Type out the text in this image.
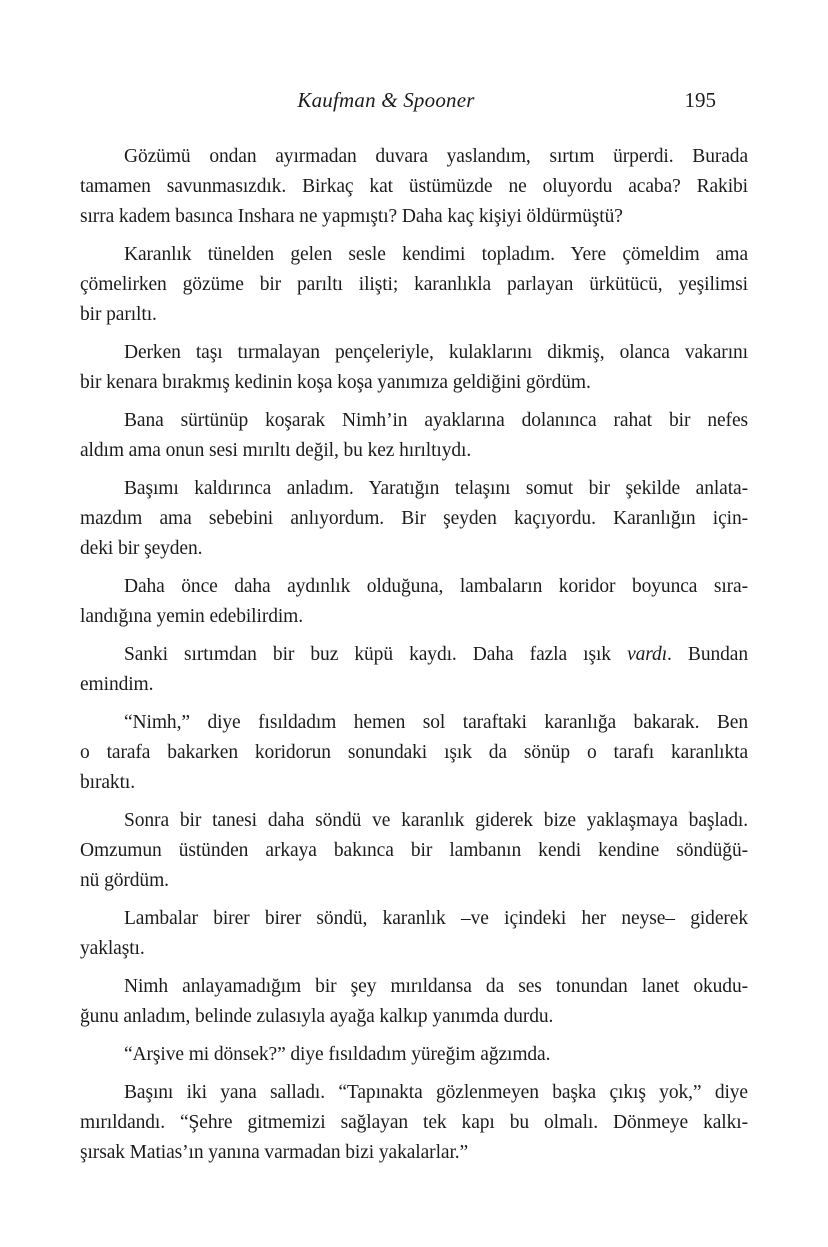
Kaufman & Spooner	195
Gözümü ondan ayırmadan duvara yaslandım, sırtım ürperdi. Burada
tamamen savunmasızdık. Birkaç kat üstümüzde ne oluyordu acaba? Rakibi
sırra kadem basınca Inshara ne yapmıştı? Daha kaç kişiyi öldürmüştü?
Karanlık tünelden gelen sesle kendimi topladım. Yere çömeldim ama
çömelirken gözüme bir parıltı ilişti; karanlıkla parlayan ürkütücü, yeşilimsi
bir parıltı.
Derken taşı tırmalayan pençeleriyle, kulaklarını dikmiş, olanca vakarını
bir kenara bırakmış kedinin koşa koşa yanımıza geldiğini gördüm.
Bana sürtünüp koşarak Nimh’in ayaklarına dolanınca rahat bir nefes
aldım ama onun sesi mırıltı değil, bu kez hırıltıydı.
Başımı kaldırınca anladım. Yaratığın telaşını somut bir şekilde anlata-
mazdım ama sebebini anlıyordum. Bir şeyden kaçıyordu. Karanlığın için-
deki bir şeyden.
Daha önce daha aydınlık olduğuna, lambaların koridor boyunca sıra-
landığına yemin edebilirdim.
Sanki sırtımdan bir buz küpü kaydı. Daha fazla ışık vardı. Bundan
emindim.
“Nimh,” diye fısıldadım hemen sol taraftaki karanlığa bakarak. Ben
o tarafa bakarken koridorun sonundaki ışık da sönüp o tarafı karanlıkta
bıraktı.
Sonra bir tanesi daha söndü ve karanlık giderek bize yaklaşmaya başladı.
Omzumun üstünden arkaya bakınca bir lambanın kendi kendine söndüğü-
nü gördüm.
Lambalar birer birer söndü, karanlık –ve içindeki her neyse– giderek
yaklaştı.
Nimh anlayamadığım bir şey mırıldansa da ses tonundan lanet okudu-
ğunu anladım, belinde zulasıyla ayağa kalkıp yanımda durdu.
“Arşive mi dönsek?” diye fısıldadım yüreğim ağzımda.
Başını iki yana salladı. “Tapınakta gözlenmeyen başka çıkış yok,” diye
mırıldandı. “Şehre gitmemizi sağlayan tek kapı bu olmalı. Dönmeye kalkı-
şırsak Matias’ın yanına varmadan bizi yakalarlar.”
